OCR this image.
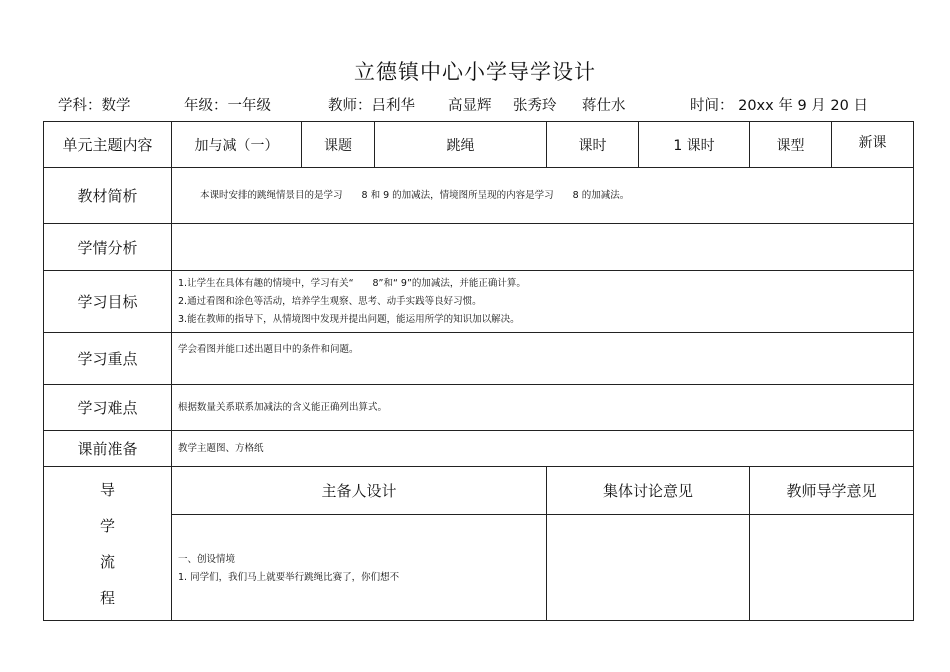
立德镇中心小学导学设计
学科：数学	年级：一年级	教师：吕利华 高显辉 张秀玲 蒋仕水	时间： 20xx 年 9 月 20 日
单元主题内容	加与减（一）	课题	跳绳	课时	1 课时	课型	新课
教材简析	本课时安排的跳绳情景目的是学习　　8 和 9 的加减法，情境图所呈现的内容是学习　　8 的加减法。						
学情分析							
学习目标	1.让学生在具体有趣的情境中，学习有关“　　8”和“ 9”的加减法，并能正确计算。
2.通过看图和涂色等活动，培养学生观察、思考、动手实践等良好习惯。
3.能在教师的指导下，从情境图中发现并提出问题，能运用所学的知识加以解决。						

学习重点	学会看图并能口述出题目中的条件和问题。						
学习难点	根据数量关系联系加减法的含义能正确列出算式。						
课前准备	教学主题图、方格纸						

导
学
流
程	主备人设计			集体讨论意见		教师导学意见	

	一、创设情境
1. 同学们，我们马上就要举行跳绳比赛了，你们想不						
